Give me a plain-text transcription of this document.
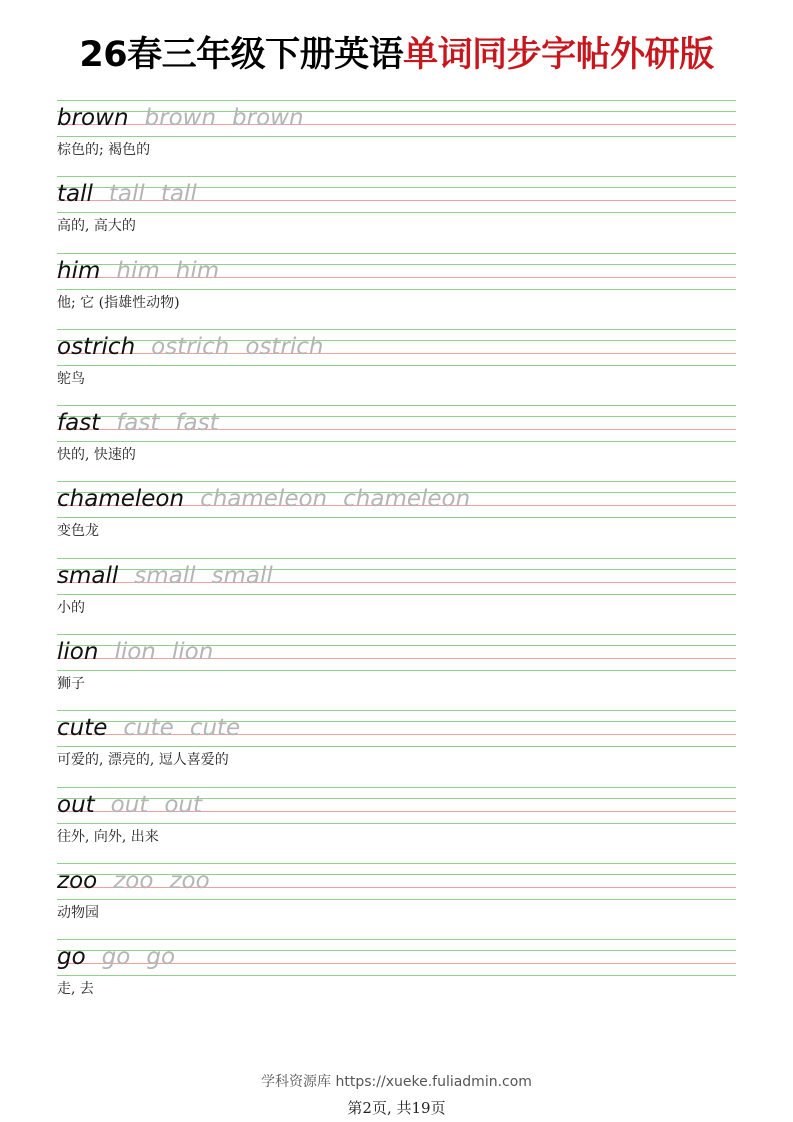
26春三年级下册英语单词同步字帖外研版
brown brown brown
棕色的; 褐色的
tall tall tall
高的, 高大的
him him him
他; 它 (指雄性动物)
ostrich ostrich ostrich
鸵鸟
fast fast fast
快的, 快速的
chameleon chameleon chameleon
变色龙
small small small
小的
lion lion lion
狮子
cute cute cute
可爱的, 漂亮的, 逗人喜爱的
out out out
往外, 向外, 出来
zoo zoo zoo
动物园
go go go
走, 去
学科资源库 https://xueke.fuliadmin.com
第2页, 共19页
